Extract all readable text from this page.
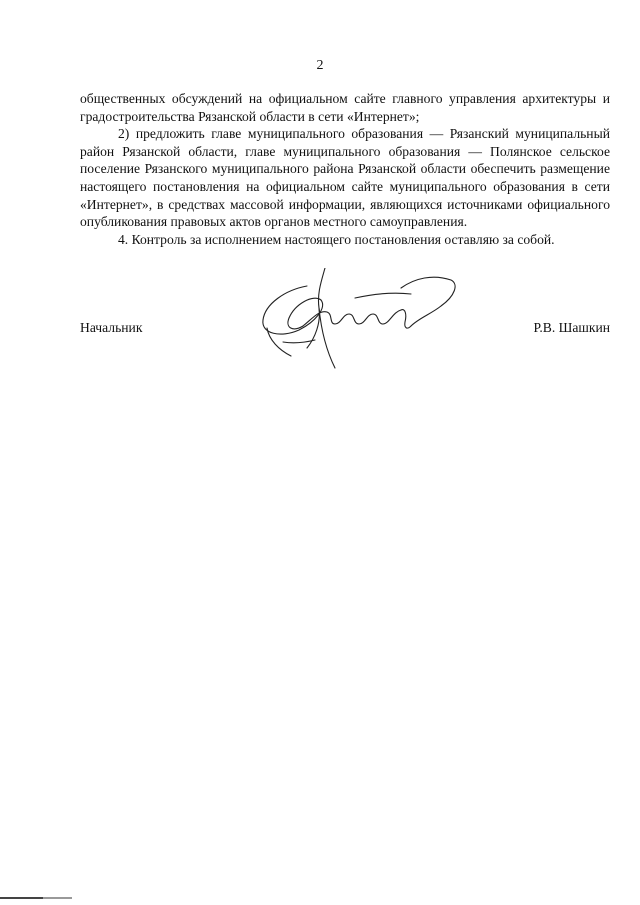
2

общественных обсуждений на официальном сайте главного управления архитектуры и градостроительства Рязанской области в сети «Интернет»;

2) предложить главе муниципального образования — Рязанский муниципальный район Рязанской области, главе муниципального образования — Полянское сельское поселение Рязанского муниципального района Рязанской области обеспечить размещение настоящего постановления на официальном сайте муниципального образования в сети «Интернет», в средствах массовой информации, являющихся источниками официального опубликования правовых актов органов местного самоуправления.

4. Контроль за исполнением настоящего постановления оставляю за собой.

Начальник	Р.В. Шашкин
